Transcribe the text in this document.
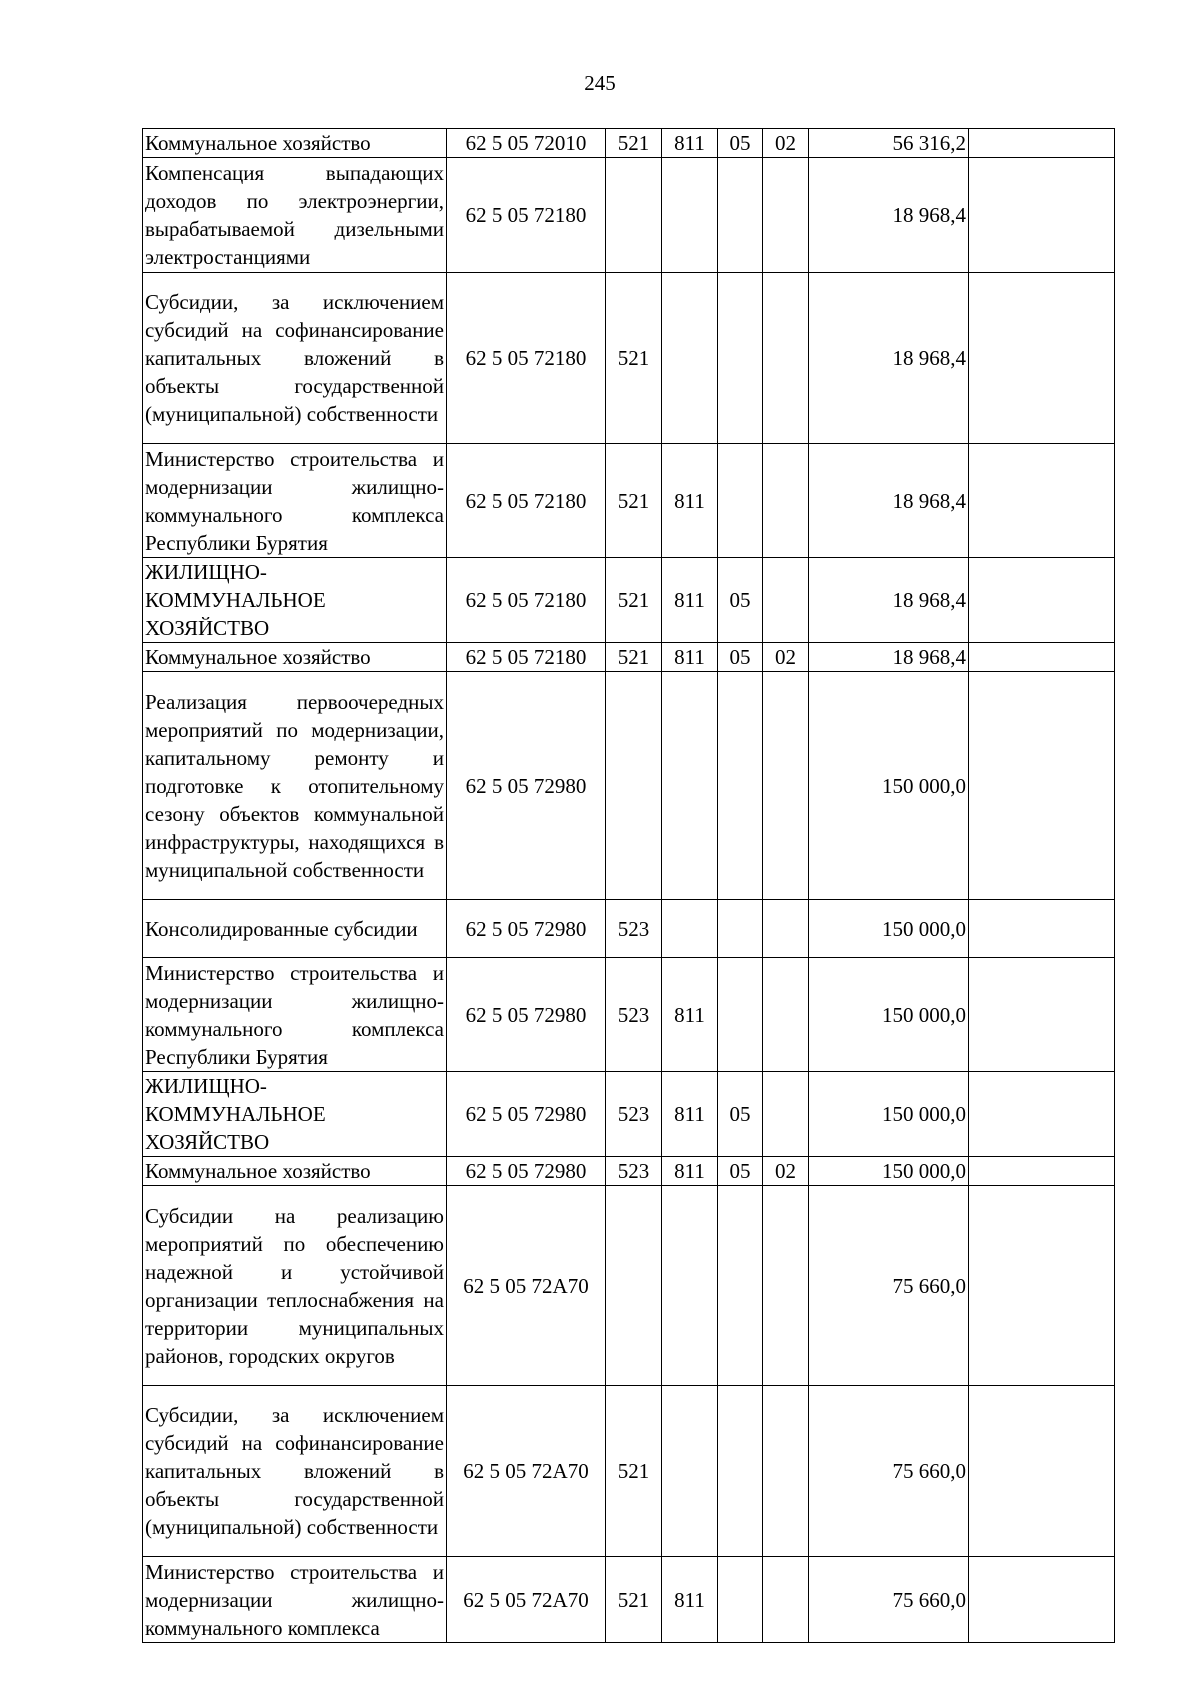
245
Коммунальное хозяйство	62 5 05 72010	521	811	05	02	56 316,2	
Компенсация выпадающих доходов по электроэнергии, вырабатываемой дизельными электростанциями	62 5 05 72180					18 968,4	
Субсидии, за исключением субсидий на софинансирование капитальных вложений в объекты государственной (муниципальной) собственности	62 5 05 72180	521				18 968,4	
Министерство строительства и модернизации жилищно-коммунального комплекса Республики Бурятия	62 5 05 72180	521	811			18 968,4	
ЖИЛИЩНО-КОММУНАЛЬНОЕ ХОЗЯЙСТВО	62 5 05 72180	521	811	05		18 968,4	
Коммунальное хозяйство	62 5 05 72180	521	811	05	02	18 968,4	
Реализация первоочередных мероприятий по модернизации, капитальному ремонту и подготовке к отопительному сезону объектов коммунальной инфраструктуры, находящихся в муниципальной собственности	62 5 05 72980					150 000,0	
Консолидированные субсидии	62 5 05 72980	523				150 000,0	
Министерство строительства и модернизации жилищно-коммунального комплекса Республики Бурятия	62 5 05 72980	523	811			150 000,0	
ЖИЛИЩНО-КОММУНАЛЬНОЕ ХОЗЯЙСТВО	62 5 05 72980	523	811	05		150 000,0	
Коммунальное хозяйство	62 5 05 72980	523	811	05	02	150 000,0	
Субсидии на реализацию мероприятий по обеспечению надежной и устойчивой организации теплоснабжения на территории муниципальных районов, городских округов	62 5 05 72A70					75 660,0	
Субсидии, за исключением субсидий на софинансирование капитальных вложений в объекты государственной (муниципальной) собственности	62 5 05 72A70	521				75 660,0	
Министерство строительства и модернизации жилищно-коммунального комплекса	62 5 05 72A70	521	811			75 660,0	
